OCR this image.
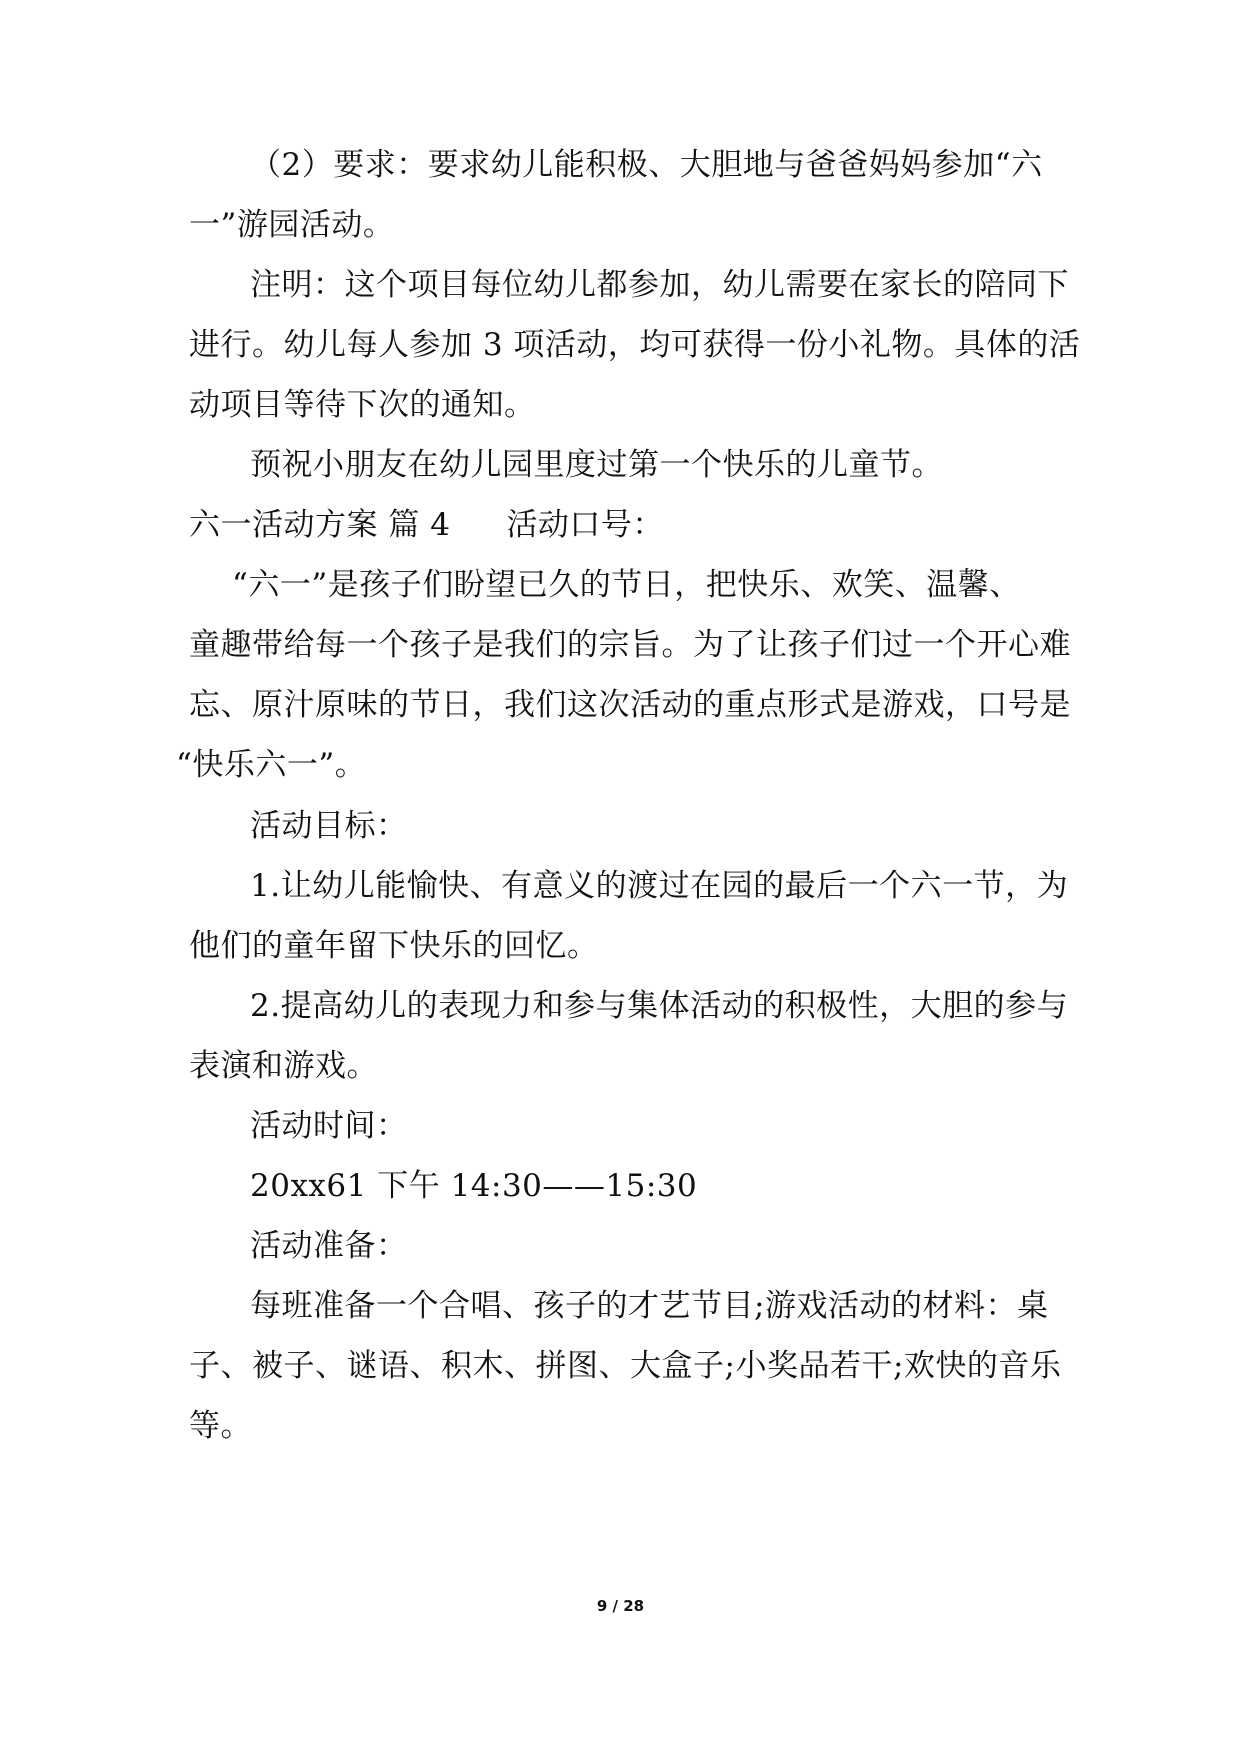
（2）要求：要求幼儿能积极、大胆地与爸爸妈妈参加“六
一”游园活动。
注明：这个项目每位幼儿都参加，幼儿需要在家长的陪同下
进行。幼儿每人参加 3 项活动，均可获得一份小礼物。具体的活
动项目等待下次的通知。
预祝小朋友在幼儿园里度过第一个快乐的儿童节。
六一活动方案 篇 4 活动口号：
“六一”是孩子们盼望已久的节日，把快乐、欢笑、温馨、
童趣带给每一个孩子是我们的宗旨。为了让孩子们过一个开心难
忘、原汁原味的节日，我们这次活动的重点形式是游戏，口号是
“快乐六一”。
活动目标：
1.让幼儿能愉快、有意义的渡过在园的最后一个六一节，为
他们的童年留下快乐的回忆。
2.提高幼儿的表现力和参与集体活动的积极性，大胆的参与
表演和游戏。
活动时间：
20xx61 下午 14:30——15:30
活动准备：
每班准备一个合唱、孩子的才艺节目;游戏活动的材料：桌
子、被子、谜语、积木、拼图、大盒子;小奖品若干;欢快的音乐
等。
9 / 28
